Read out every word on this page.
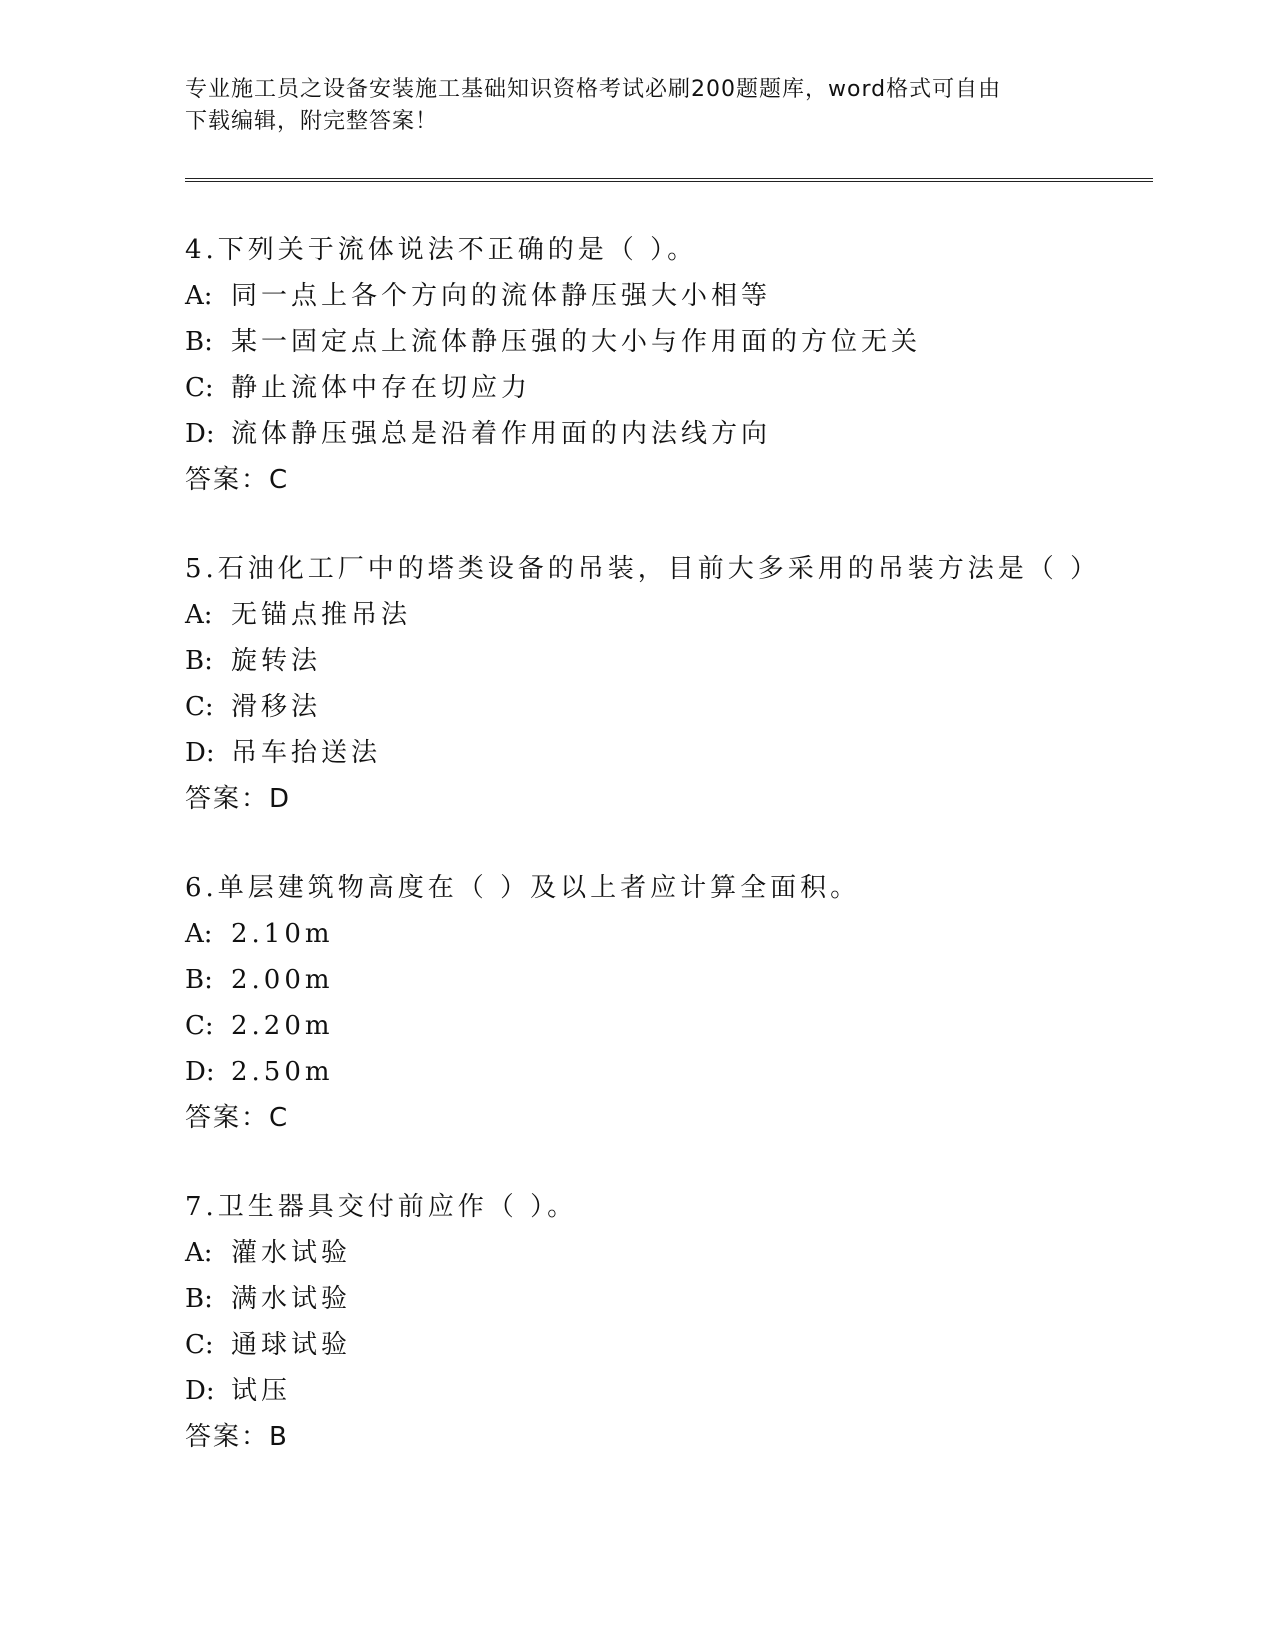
专业施工员之设备安装施工基础知识资格考试必刷200题题库，word格式可自由
下载编辑，附完整答案！
4.下列关于流体说法不正确的是（ ）。
A: 同一点上各个方向的流体静压强大小相等
B: 某一固定点上流体静压强的大小与作用面的方位无关
C: 静止流体中存在切应力
D: 流体静压强总是沿着作用面的内法线方向
答案：C
5.石油化工厂中的塔类设备的吊装，目前大多采用的吊装方法是（ ）
A: 无锚点推吊法
B: 旋转法
C: 滑移法
D: 吊车抬送法
答案：D
6.单层建筑物高度在（ ）及以上者应计算全面积。
A: 2.10m
B: 2.00m
C: 2.20m
D: 2.50m
答案：C
7.卫生器具交付前应作（ ）。
A: 灌水试验
B: 满水试验
C: 通球试验
D: 试压
答案：B
